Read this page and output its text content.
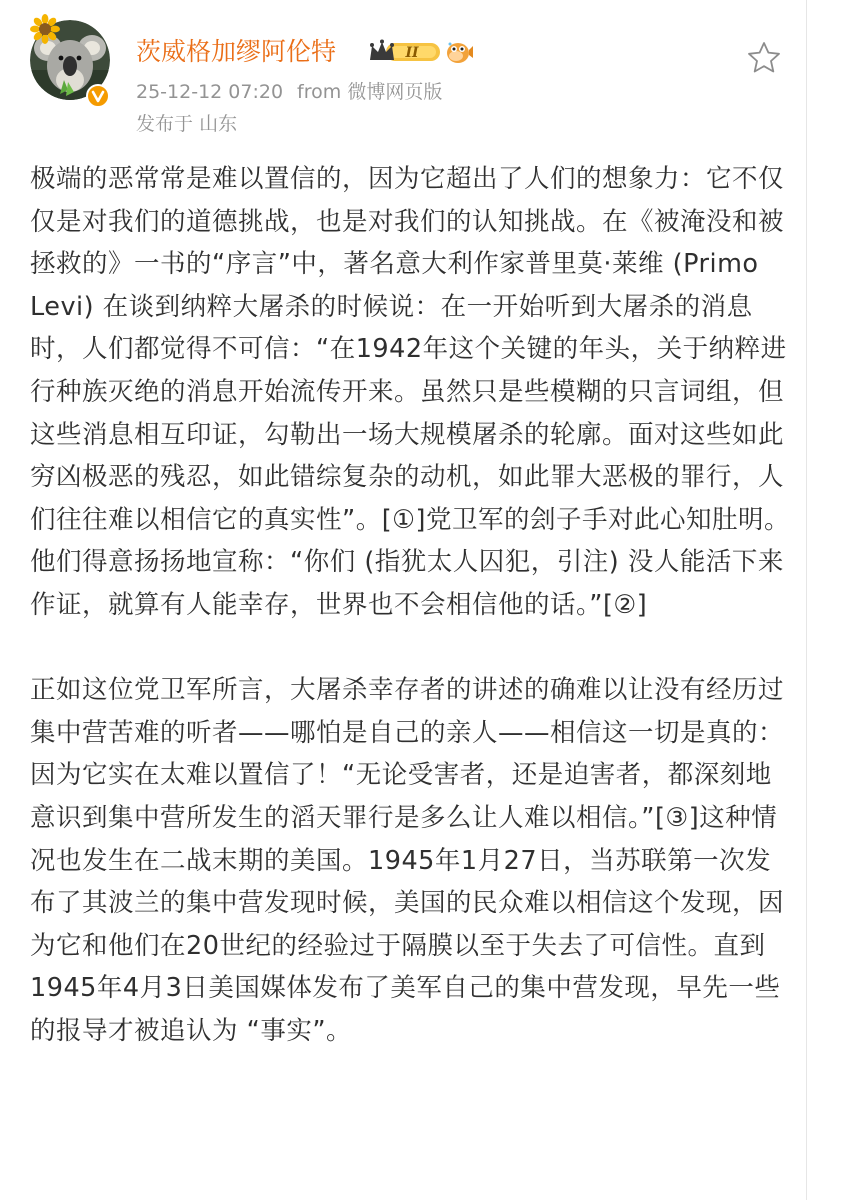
茨威格加缪阿伦特	II
25-12-12 07:20 from 微博网页版
发布于 山东

极端的恶常常是难以置信的，因为它超出了人们的想象力：它不仅仅是对我们的道德挑战，也是对我们的认知挑战。在《被淹没和被拯救的》一书的“序言”中，著名意大利作家普里莫·莱维 (Primo Levi) 在谈到纳粹大屠杀的时候说：在一开始听到大屠杀的消息时，人们都觉得不可信：“在1942年这个关键的年头，关于纳粹进行种族灭绝的消息开始流传开来。虽然只是些模糊的只言词组，但这些消息相互印证，勾勒出一场大规模屠杀的轮廓。面对这些如此穷凶极恶的残忍，如此错综复杂的动机，如此罪大恶极的罪行，人们往往难以相信它的真实性”。[①]党卫军的刽子手对此心知肚明。他们得意扬扬地宣称：“你们 (指犹太人囚犯，引注) 没人能活下来作证，就算有人能幸存，世界也不会相信他的话。”[②]

正如这位党卫军所言，大屠杀幸存者的讲述的确难以让没有经历过集中营苦难的听者——哪怕是自己的亲人——相信这一切是真的：因为它实在太难以置信了！“无论受害者，还是迫害者，都深刻地意识到集中营所发生的滔天罪行是多么让人难以相信。”[③]这种情况也发生在二战末期的美国。1945年1月27日，当苏联第一次发布了其波兰的集中营发现时候，美国的民众难以相信这个发现，因为它和他们在20世纪的经验过于隔膜以至于失去了可信性。直到1945年4月3日美国媒体发布了美军自己的集中营发现，早先一些的报导才被追认为 “事实”。
